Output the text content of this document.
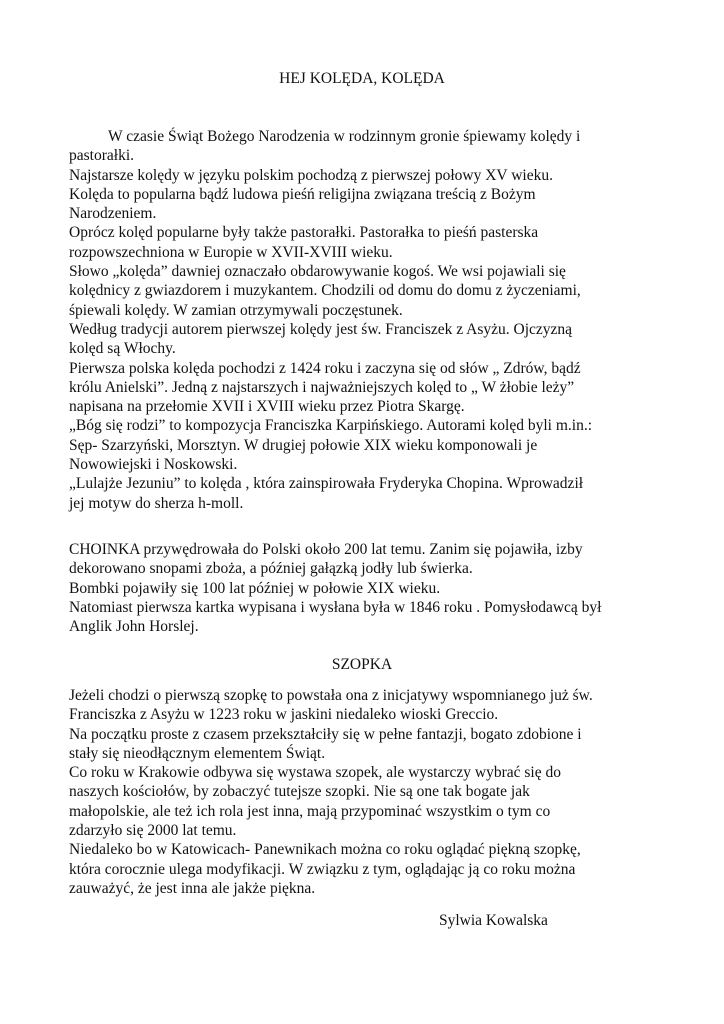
HEJ KOLĘDA, KOLĘDA
W czasie Świąt Bożego Narodzenia w rodzinnym gronie śpiewamy kolędy i
pastorałki.
Najstarsze kolędy w języku polskim pochodzą z pierwszej połowy XV wieku.
Kolęda to popularna bądź ludowa pieśń religijna związana treścią z Bożym
Narodzeniem.
Oprócz kolęd popularne były także pastorałki. Pastorałka to pieśń pasterska
rozpowszechniona w Europie w XVII-XVIII wieku.
Słowo „kolęda” dawniej oznaczało obdarowywanie kogoś. We wsi pojawiali się
kolędnicy z gwiazdorem i muzykantem. Chodzili od domu do domu z życzeniami,
śpiewali kolędy. W zamian otrzymywali poczęstunek.
Według tradycji autorem pierwszej kolędy jest św. Franciszek z Asyżu. Ojczyzną
kolęd są Włochy.
Pierwsza polska kolęda pochodzi z 1424 roku i zaczyna się od słów „ Zdrów, bądź
królu Anielski”. Jedną z najstarszych i najważniejszych kolęd to „ W żłobie leży”
napisana na przełomie XVII i XVIII wieku przez Piotra Skargę.
„Bóg się rodzi” to kompozycja Franciszka Karpińskiego. Autorami kolęd byli m.in.:
Sęp- Szarzyński, Morsztyn. W drugiej połowie XIX wieku komponowali je
Nowowiejski i Noskowski.
„Lulajże Jezuniu” to kolęda , która zainspirowała Fryderyka Chopina. Wprowadził
jej motyw do sherza h-moll.
CHOINKA przywędrowała do Polski około 200 lat temu. Zanim się pojawiła, izby
dekorowano snopami zboża, a później gałązką jodły lub świerka.
Bombki pojawiły się 100 lat później w połowie XIX wieku.
Natomiast pierwsza kartka wypisana i wysłana była w 1846 roku . Pomysłodawcą był
Anglik John Horslej.
SZOPKA
Jeżeli chodzi o pierwszą szopkę to powstała ona z inicjatywy wspomnianego już św.
Franciszka z Asyżu w 1223 roku w jaskini niedaleko wioski Greccio.
Na początku proste z czasem przekształciły się w pełne fantazji, bogato zdobione i
stały się nieodłącznym elementem Świąt.
Co roku w Krakowie odbywa się wystawa szopek, ale wystarczy wybrać się do
naszych kościołów, by zobaczyć tutejsze szopki. Nie są one tak bogate jak
małopolskie, ale też ich rola jest inna, mają przypominać wszystkim o tym co
zdarzyło się 2000 lat temu.
Niedaleko bo w Katowicach- Panewnikach można co roku oglądać piękną szopkę,
która corocznie ulega modyfikacji. W związku z tym, oglądając ją co roku można
zauważyć, że jest inna ale jakże piękna.
Sylwia Kowalska
